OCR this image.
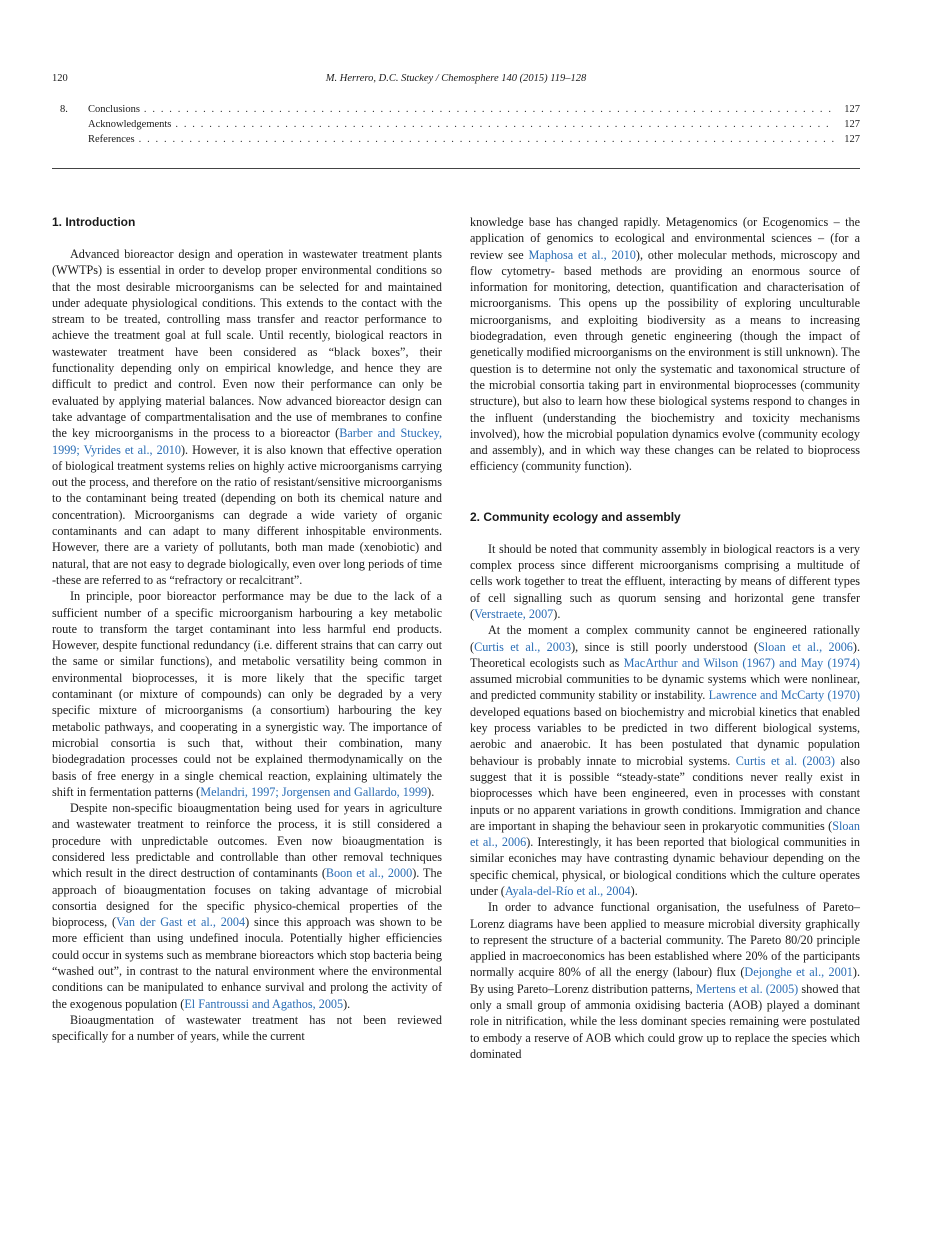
120	M. Herrero, D.C. Stuckey / Chemosphere 140 (2015) 119–128
8.	Conclusions . . .	127
Acknowledgements . . .	127
References . . .	127
1. Introduction

Advanced bioreactor design and operation in wastewater treatment plants (WWTPs) is essential in order to develop proper environmental conditions so that the most desirable microorganisms can be selected for and maintained under adequate physiological conditions. This extends to the contact with the stream to be treated, controlling mass transfer and reactor performance to achieve the treatment goal at full scale. Until recently, biological reactors in wastewater treatment have been considered as “black boxes”, their functionality depending only on empirical knowledge, and hence they are difficult to predict and control. Even now their performance can only be evaluated by applying material balances. Now advanced bioreactor design can take advantage of compartmentalisation and the use of membranes to confine the key microorganisms in the process to a bioreactor (Barber and Stuckey, 1999; Vyrides et al., 2010). However, it is also known that effective operation of biological treatment systems relies on highly active microorganisms carrying out the process, and therefore on the ratio of resistant/sensitive microorganisms to the contaminant being treated (depending on both its chemical nature and concentration). Microorganisms can degrade a wide variety of organic contaminants and can adapt to many different inhospitable environments. However, there are a variety of pollutants, both man made (xenobiotic) and natural, that are not easy to degrade biologically, even over long periods of time -these are referred to as “refractory or recalcitrant”.

In principle, poor bioreactor performance may be due to the lack of a sufficient number of a specific microorganism harbouring a key metabolic route to transform the target contaminant into less harmful end products. However, despite functional redundancy (i.e. different strains that can carry out the same or similar functions), and metabolic versatility being common in environmental bioprocesses, it is more likely that the specific target contaminant (or mixture of compounds) can only be degraded by a very specific mixture of microorganisms (a consortium) harbouring the key metabolic pathways, and cooperating in a synergistic way. The importance of microbial consortia is such that, without their combination, many biodegradation processes could not be explained thermodynamically on the basis of free energy in a single chemical reaction, explaining ultimately the shift in fermentation patterns (Melandri, 1997; Jorgensen and Gallardo, 1999).

Despite non-specific bioaugmentation being used for years in agriculture and wastewater treatment to reinforce the process, it is still considered a procedure with unpredictable outcomes. Even now bioaugmentation is considered less predictable and controllable than other removal techniques which result in the direct destruction of contaminants (Boon et al., 2000). The approach of bioaugmentation focuses on taking advantage of microbial consortia designed for the specific physico-chemical properties of the bioprocess, (Van der Gast et al., 2004) since this approach was shown to be more efficient than using undefined inocula. Potentially higher efficiencies could occur in systems such as membrane bioreactors which stop bacteria being “washed out”, in contrast to the natural environment where the environmental conditions can be manipulated to enhance survival and prolong the activity of the exogenous population (El Fantroussi and Agathos, 2005).

Bioaugmentation of wastewater treatment has not been reviewed specifically for a number of years, while the current

knowledge base has changed rapidly. Metagenomics (or Ecogenomics – the application of genomics to ecological and environmental sciences – (for a review see Maphosa et al., 2010), other molecular methods, microscopy and flow cytometry- based methods are providing an enormous source of information for monitoring, detection, quantification and characterisation of microorganisms. This opens up the possibility of exploring unculturable microorganisms, and exploiting biodiversity as a means to increasing biodegradation, even through genetic engineering (though the impact of genetically modified microorganisms on the environment is still unknown). The question is to determine not only the systematic and taxonomical structure of the microbial consortia taking part in environmental bioprocesses (community structure), but also to learn how these biological systems respond to changes in the influent (understanding the biochemistry and toxicity mechanisms involved), how the microbial population dynamics evolve (community ecology and assembly), and in which way these changes can be related to bioprocess efficiency (community function).

2. Community ecology and assembly

It should be noted that community assembly in biological reactors is a very complex process since different microorganisms comprising a multitude of cells work together to treat the effluent, interacting by means of different types of cell signalling such as quorum sensing and horizontal gene transfer (Verstraete, 2007).

At the moment a complex community cannot be engineered rationally (Curtis et al., 2003), since is still poorly understood (Sloan et al., 2006). Theoretical ecologists such as MacArthur and Wilson (1967) and May (1974) assumed microbial communities to be dynamic systems which were nonlinear, and predicted community stability or instability. Lawrence and McCarty (1970) developed equations based on biochemistry and microbial kinetics that enabled key process variables to be predicted in two different biological systems, aerobic and anaerobic. It has been postulated that dynamic population behaviour is probably innate to microbial systems. Curtis et al. (2003) also suggest that it is possible “steady-state” conditions never really exist in bioprocesses which have been engineered, even in processes with constant inputs or no apparent variations in growth conditions. Immigration and chance are important in shaping the behaviour seen in prokaryotic communities (Sloan et al., 2006). Interestingly, it has been reported that biological communities in similar econiches may have contrasting dynamic behaviour depending on the specific chemical, physical, or biological conditions which the culture operates under (Ayala-del-Río et al., 2004).

In order to advance functional organisation, the usefulness of Pareto–Lorenz diagrams have been applied to measure microbial diversity graphically to represent the structure of a bacterial community. The Pareto 80/20 principle applied in macroeconomics has been established where 20% of the participants normally acquire 80% of all the energy (labour) flux (Dejonghe et al., 2001). By using Pareto–Lorenz distribution patterns, Mertens et al. (2005) showed that only a small group of ammonia oxidising bacteria (AOB) played a dominant role in nitrification, while the less dominant species remaining were postulated to embody a reserve of AOB which could grow up to replace the species which dominated
